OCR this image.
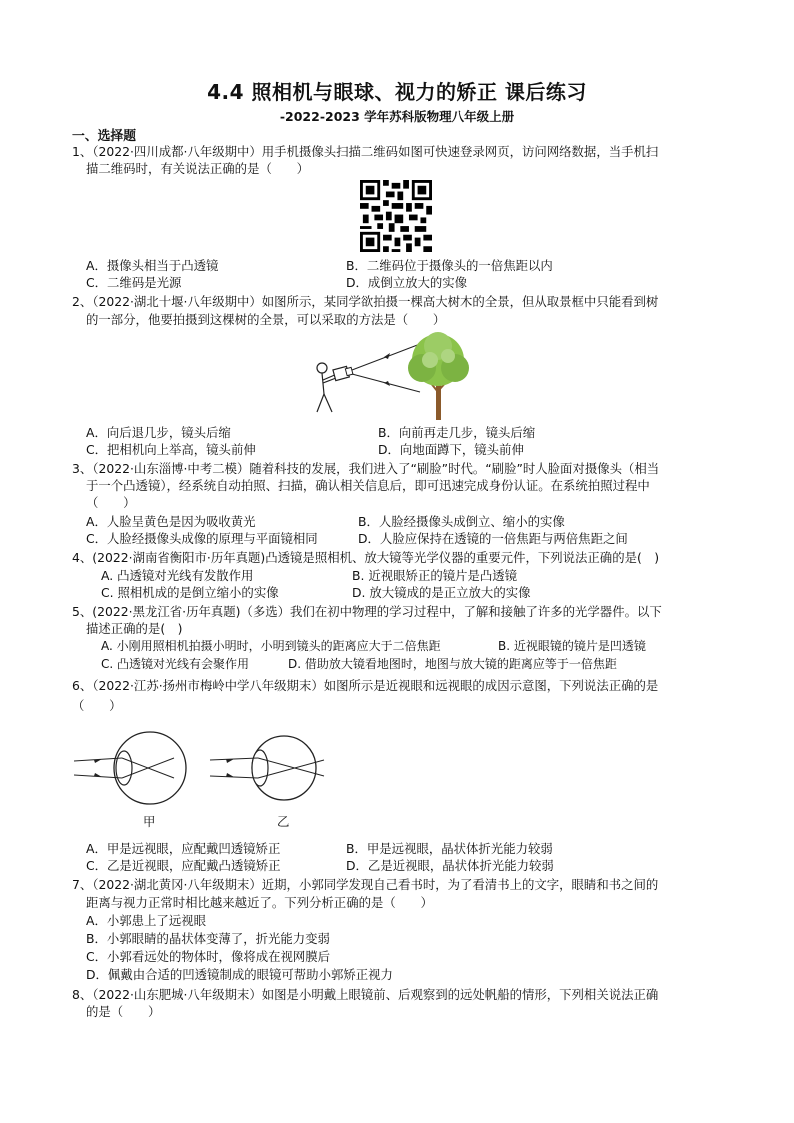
4.4 照相机与眼球、视力的矫正 课后练习
-2022-2023 学年苏科版物理八年级上册
一、选择题
1、（2022·四川成都·八年级期中）用手机摄像头扫描二维码如图可快速登录网页，访问网络数据，当手机扫
描二维码时，有关说法正确的是（　　）
A．摄像头相当于凸透镜	B．二维码位于摄像头的一倍焦距以内
C．二维码是光源	D．成倒立放大的实像
2、（2022·湖北十堰·八年级期中）如图所示，某同学欲拍摄一棵高大树木的全景，但从取景框中只能看到树
的一部分，他要拍摄到这棵树的全景，可以采取的方法是（　　）
A．向后退几步，镜头后缩	B．向前再走几步，镜头后缩
C．把相机向上举高，镜头前伸	D．向地面蹲下，镜头前伸
3、（2022·山东淄博·中考二模）随着科技的发展，我们进入了“刷脸”时代。“刷脸”时人脸面对摄像头（相当
于一个凸透镜），经系统自动拍照、扫描，确认相关信息后，即可迅速完成身份认证。在系统拍照过程中
（　　）
A．人脸呈黄色是因为吸收黄光	B．人脸经摄像头成倒立、缩小的实像
C．人脸经摄像头成像的原理与平面镜相同	D．人脸应保持在透镜的一倍焦距与两倍焦距之间
4、(2022·湖南省衡阳市·历年真题)凸透镜是照相机、放大镜等光学仪器的重要元件，下列说法正确的是(　)
A. 凸透镜对光线有发散作用	B. 近视眼矫正的镜片是凸透镜
C. 照相机成的是倒立缩小的实像	D. 放大镜成的是正立放大的实像
5、(2022·黑龙江省·历年真题)（多选）我们在初中物理的学习过程中，了解和接触了许多的光学器件。以下
描述正确的是(　)
A. 小刚用照相机拍摄小明时，小明到镜头的距离应大于二倍焦距	B. 近视眼镜的镜片是凹透镜
C. 凸透镜对光线有会聚作用	D. 借助放大镜看地图时，地图与放大镜的距离应等于一倍焦距
6、（2022·江苏·扬州市梅岭中学八年级期末）如图所示是近视眼和远视眼的成因示意图，下列说法正确的是
（　　）
甲	乙
A．甲是远视眼，应配戴凹透镜矫正	B．甲是远视眼，晶状体折光能力较弱
C．乙是近视眼，应配戴凸透镜矫正	D．乙是近视眼，晶状体折光能力较弱
7、（2022·湖北黄冈·八年级期末）近期，小郭同学发现自己看书时，为了看清书上的文字，眼睛和书之间的
距离与视力正常时相比越来越近了。下列分析正确的是（　　）
A．小郭患上了远视眼
B．小郭眼睛的晶状体变薄了，折光能力变弱
C．小郭看远处的物体时，像将成在视网膜后
D．佩戴由合适的凹透镜制成的眼镜可帮助小郭矫正视力
8、（2022·山东肥城·八年级期末）如图是小明戴上眼镜前、后观察到的远处帆船的情形，下列相关说法正确
的是（　　）
